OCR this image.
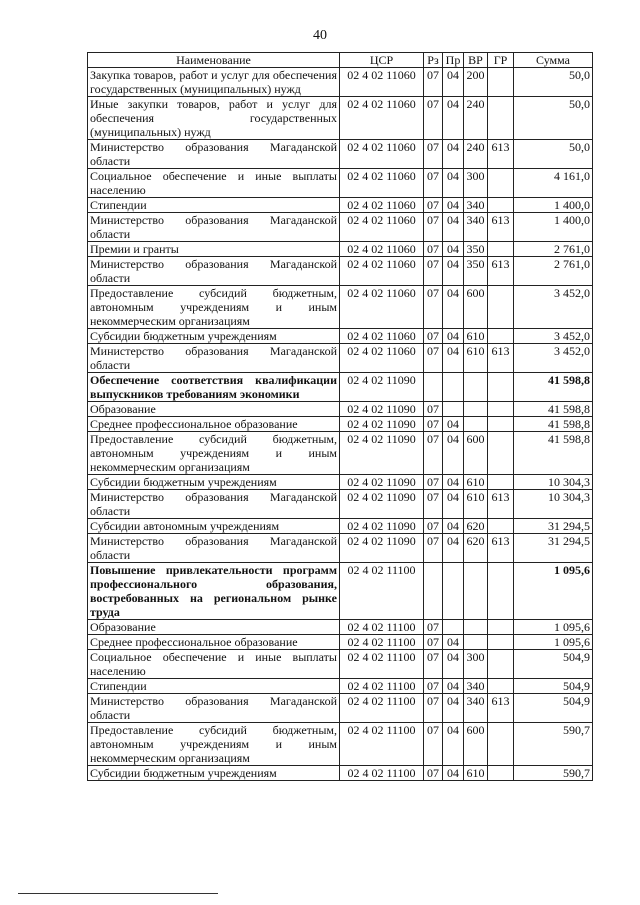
40
Наименование	ЦСР	Рз	Пр	ВР	ГР	Сумма
Закупка товаров, работ и услуг для обеспечения государственных (муниципальных) нужд	02 4 02 11060	07	04	200		50,0
Иные закупки товаров, работ и услуг для обеспечения государственных (муниципальных) нужд	02 4 02 11060	07	04	240		50,0
Министерство образования Магаданской области	02 4 02 11060	07	04	240	613	50,0
Социальное обеспечение и иные выплаты населению	02 4 02 11060	07	04	300		4 161,0
Стипендии	02 4 02 11060	07	04	340		1 400,0
Министерство образования Магаданской области	02 4 02 11060	07	04	340	613	1 400,0
Премии и гранты	02 4 02 11060	07	04	350		2 761,0
Министерство образования Магаданской области	02 4 02 11060	07	04	350	613	2 761,0
Предоставление субсидий бюджетным, автономным учреждениям и иным некоммерческим организациям	02 4 02 11060	07	04	600		3 452,0
Субсидии бюджетным учреждениям	02 4 02 11060	07	04	610		3 452,0
Министерство образования Магаданской области	02 4 02 11060	07	04	610	613	3 452,0
Обеспечение соответствия квалификации выпускников требованиям экономики	02 4 02 11090					41 598,8
Образование	02 4 02 11090	07				41 598,8
Среднее профессиональное образование	02 4 02 11090	07	04			41 598,8
Предоставление субсидий бюджетным, автономным учреждениям и иным некоммерческим организациям	02 4 02 11090	07	04	600		41 598,8
Субсидии бюджетным учреждениям	02 4 02 11090	07	04	610		10 304,3
Министерство образования Магаданской области	02 4 02 11090	07	04	610	613	10 304,3
Субсидии автономным учреждениям	02 4 02 11090	07	04	620		31 294,5
Министерство образования Магаданской области	02 4 02 11090	07	04	620	613	31 294,5
Повышение привлекательности программ профессионального образования, востребованных на региональном рынке труда	02 4 02 11100					1 095,6
Образование	02 4 02 11100	07				1 095,6
Среднее профессиональное образование	02 4 02 11100	07	04			1 095,6
Социальное обеспечение и иные выплаты населению	02 4 02 11100	07	04	300		504,9
Стипендии	02 4 02 11100	07	04	340		504,9
Министерство образования Магаданской области	02 4 02 11100	07	04	340	613	504,9
Предоставление субсидий бюджетным, автономным учреждениям и иным некоммерческим организациям	02 4 02 11100	07	04	600		590,7
Субсидии бюджетным учреждениям	02 4 02 11100	07	04	610		590,7
